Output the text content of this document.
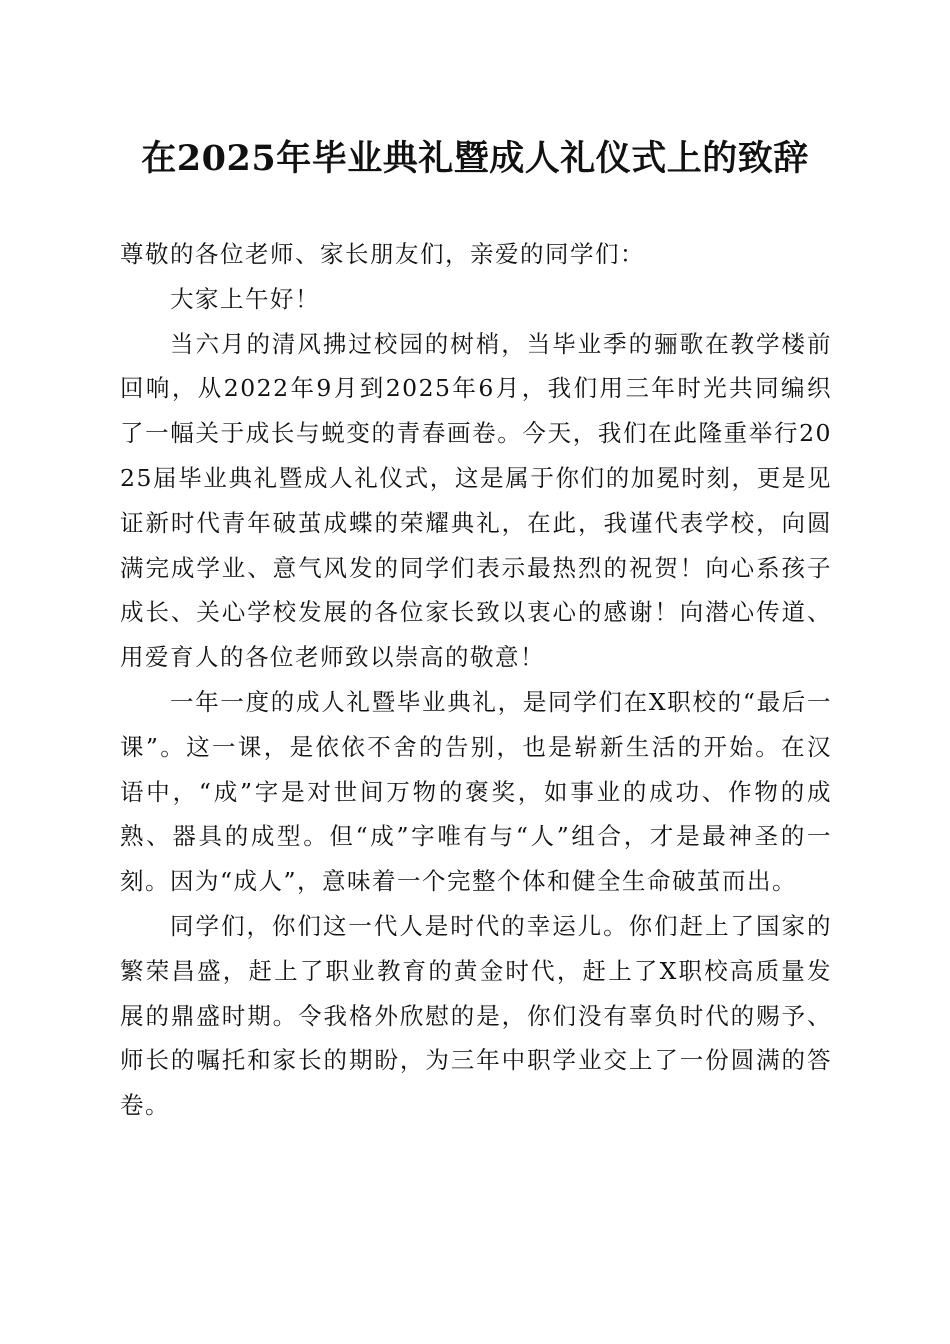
在2025年毕业典礼暨成人礼仪式上的致辞

尊敬的各位老师、家长朋友们，亲爱的同学们：

大家上午好！

当六月的清风拂过校园的树梢，当毕业季的骊歌在教学楼前回响，从2022年9月到2025年6月，我们用三年时光共同编织了一幅关于成长与蜕变的青春画卷。今天，我们在此隆重举行2025届毕业典礼暨成人礼仪式，这是属于你们的加冕时刻，更是见证新时代青年破茧成蝶的荣耀典礼，在此，我谨代表学校，向圆满完成学业、意气风发的同学们表示最热烈的祝贺！向心系孩子成长、关心学校发展的各位家长致以衷心的感谢！向潜心传道、用爱育人的各位老师致以崇高的敬意！

一年一度的成人礼暨毕业典礼，是同学们在X职校的“最后一课”。这一课，是依依不舍的告别，也是崭新生活的开始。在汉语中，“成”字是对世间万物的褒奖，如事业的成功、作物的成熟、器具的成型。但“成”字唯有与“人”组合，才是最神圣的一刻。因为“成人”，意味着一个完整个体和健全生命破茧而出。

同学们，你们这一代人是时代的幸运儿。你们赶上了国家的繁荣昌盛，赶上了职业教育的黄金时代，赶上了X职校高质量发展的鼎盛时期。令我格外欣慰的是，你们没有辜负时代的赐予、师长的嘱托和家长的期盼，为三年中职学业交上了一份圆满的答卷。
